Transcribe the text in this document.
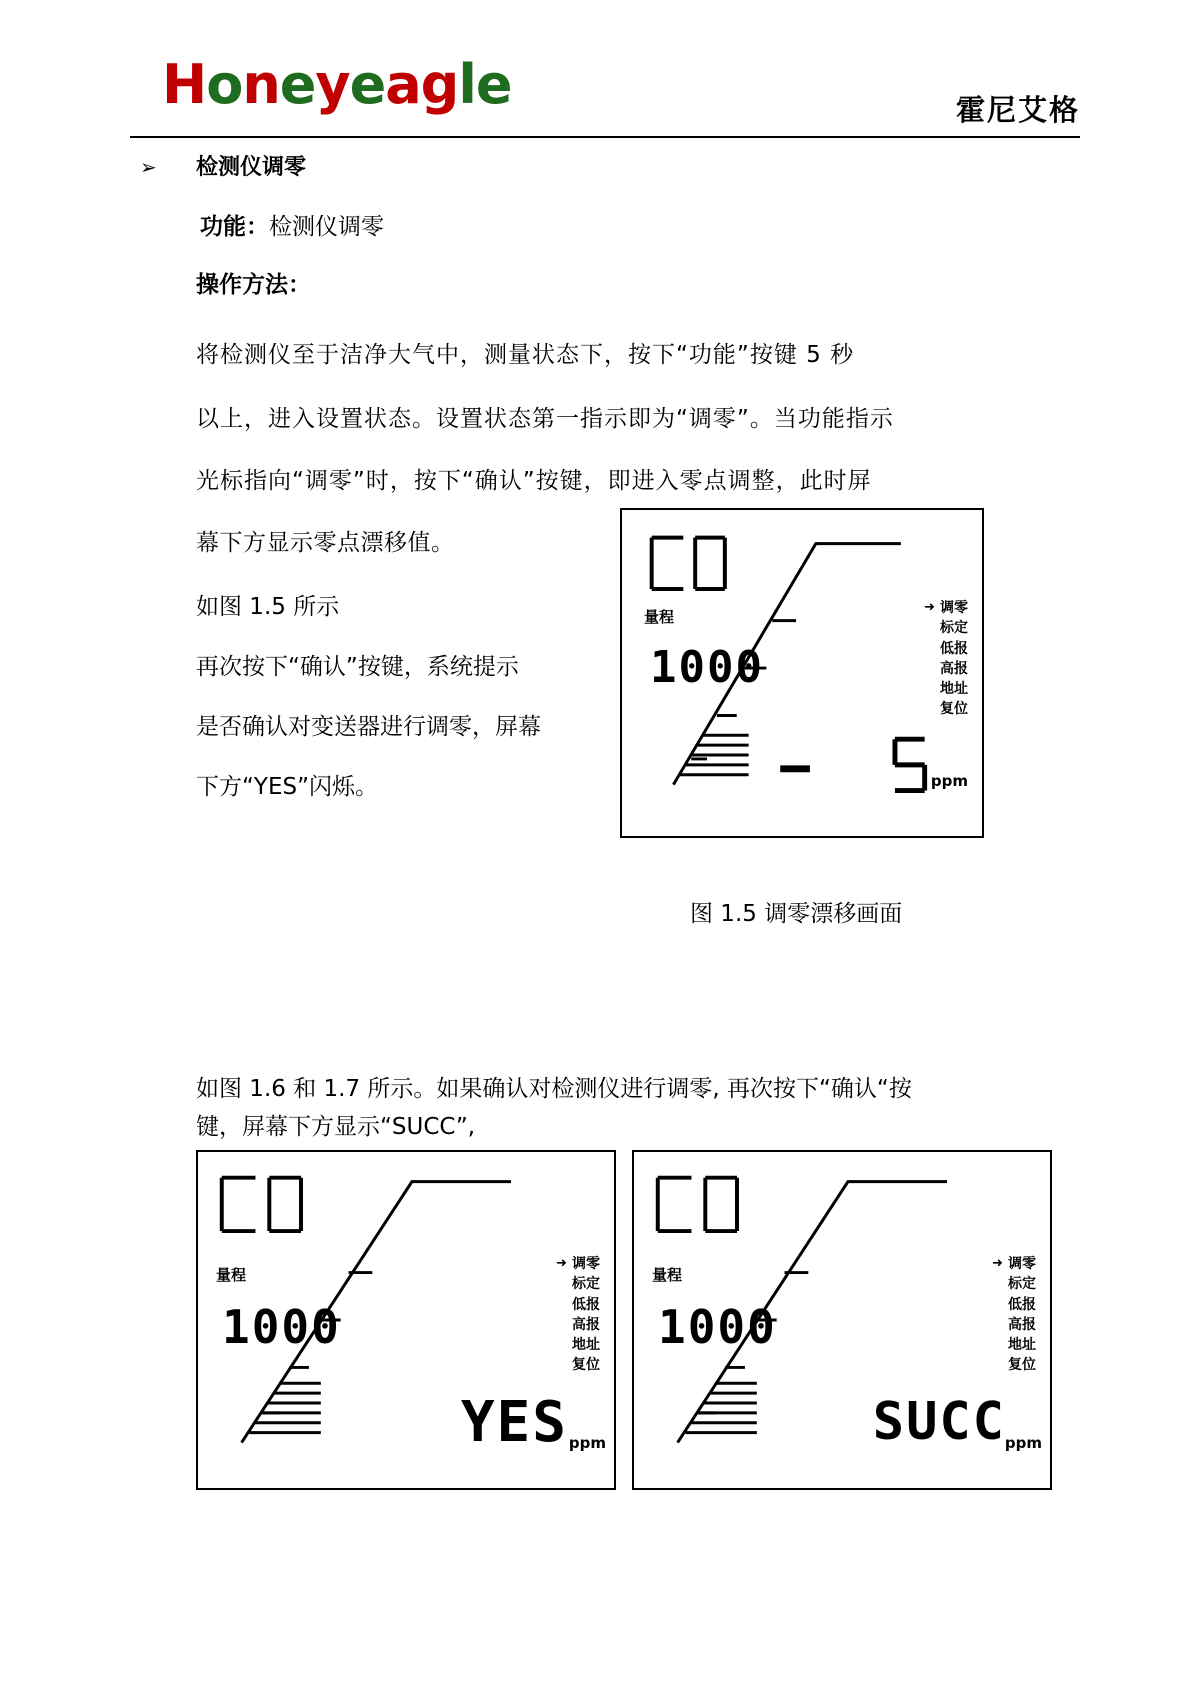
Honeyeagle	霍尼艾格
➢ 检测仪调零
功能：检测仪调零
操作方法：
将检测仪至于洁净大气中，测量状态下，按下“功能”按键 5 秒
以上，进入设置状态。设置状态第一指示即为“调零”。当功能指示
光标指向“调零”时，按下“确认”按键，即进入零点调整，此时屏
幕下方显示零点漂移值。
如图 1.5 所示
再次按下“确认”按键，系统提示
是否确认对变送器进行调零，屏幕
下方“YES”闪烁。
量程
1000
➜ 调零
标定
低报
高报
地址
复位
ppm
图 1.5 调零漂移画面
如图 1.6 和 1.7 所示。如果确认对检测仪进行调零, 再次按下“确认“按
键，屏幕下方显示“SUCC”,
量程
1000
➜ 调零
标定
低报
高报
地址
复位
YES ppm
量程
1000
➜ 调零
标定
低报
高报
地址
复位
SUCC
ppm
